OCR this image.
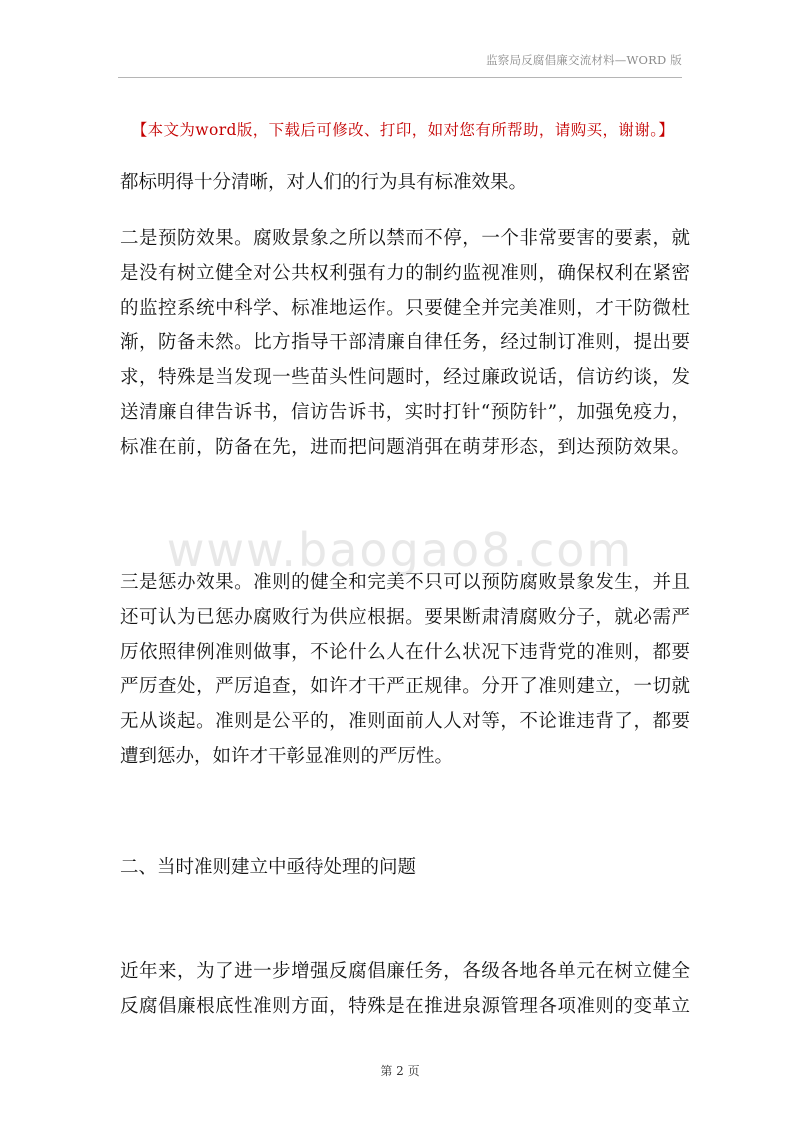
监察局反腐倡廉交流材料—WORD 版
【本文为word版，下载后可修改、打印，如对您有所帮助，请购买，谢谢。】
www.baogao8.com
都标明得十分清晰，对人们的行为具有标准效果。
二是预防效果。腐败景象之所以禁而不停，一个非常要害的要素，就
是没有树立健全对公共权利强有力的制约监视准则，确保权利在紧密
的监控系统中科学、标准地运作。只要健全并完美准则，才干防微杜
渐，防备未然。比方指导干部清廉自律任务，经过制订准则，提出要
求，特殊是当发现一些苗头性问题时，经过廉政说话，信访约谈，发
送清廉自律告诉书，信访告诉书，实时打针“预防针”，加强免疫力，
标准在前，防备在先，进而把问题消弭在萌芽形态，到达预防效果。
三是惩办效果。准则的健全和完美不只可以预防腐败景象发生，并且
还可认为已惩办腐败行为供应根据。要果断肃清腐败分子，就必需严
厉依照律例准则做事，不论什么人在什么状况下违背党的准则，都要
严厉查处，严厉追查，如许才干严正规律。分开了准则建立，一切就
无从谈起。准则是公平的，准则面前人人对等，不论谁违背了，都要
遭到惩办，如许才干彰显准则的严厉性。
二、当时准则建立中亟待处理的问题
近年来，为了进一步增强反腐倡廉任务，各级各地各单元在树立健全
反腐倡廉根底性准则方面，特殊是在推进泉源管理各项准则的变革立
第 2 页
